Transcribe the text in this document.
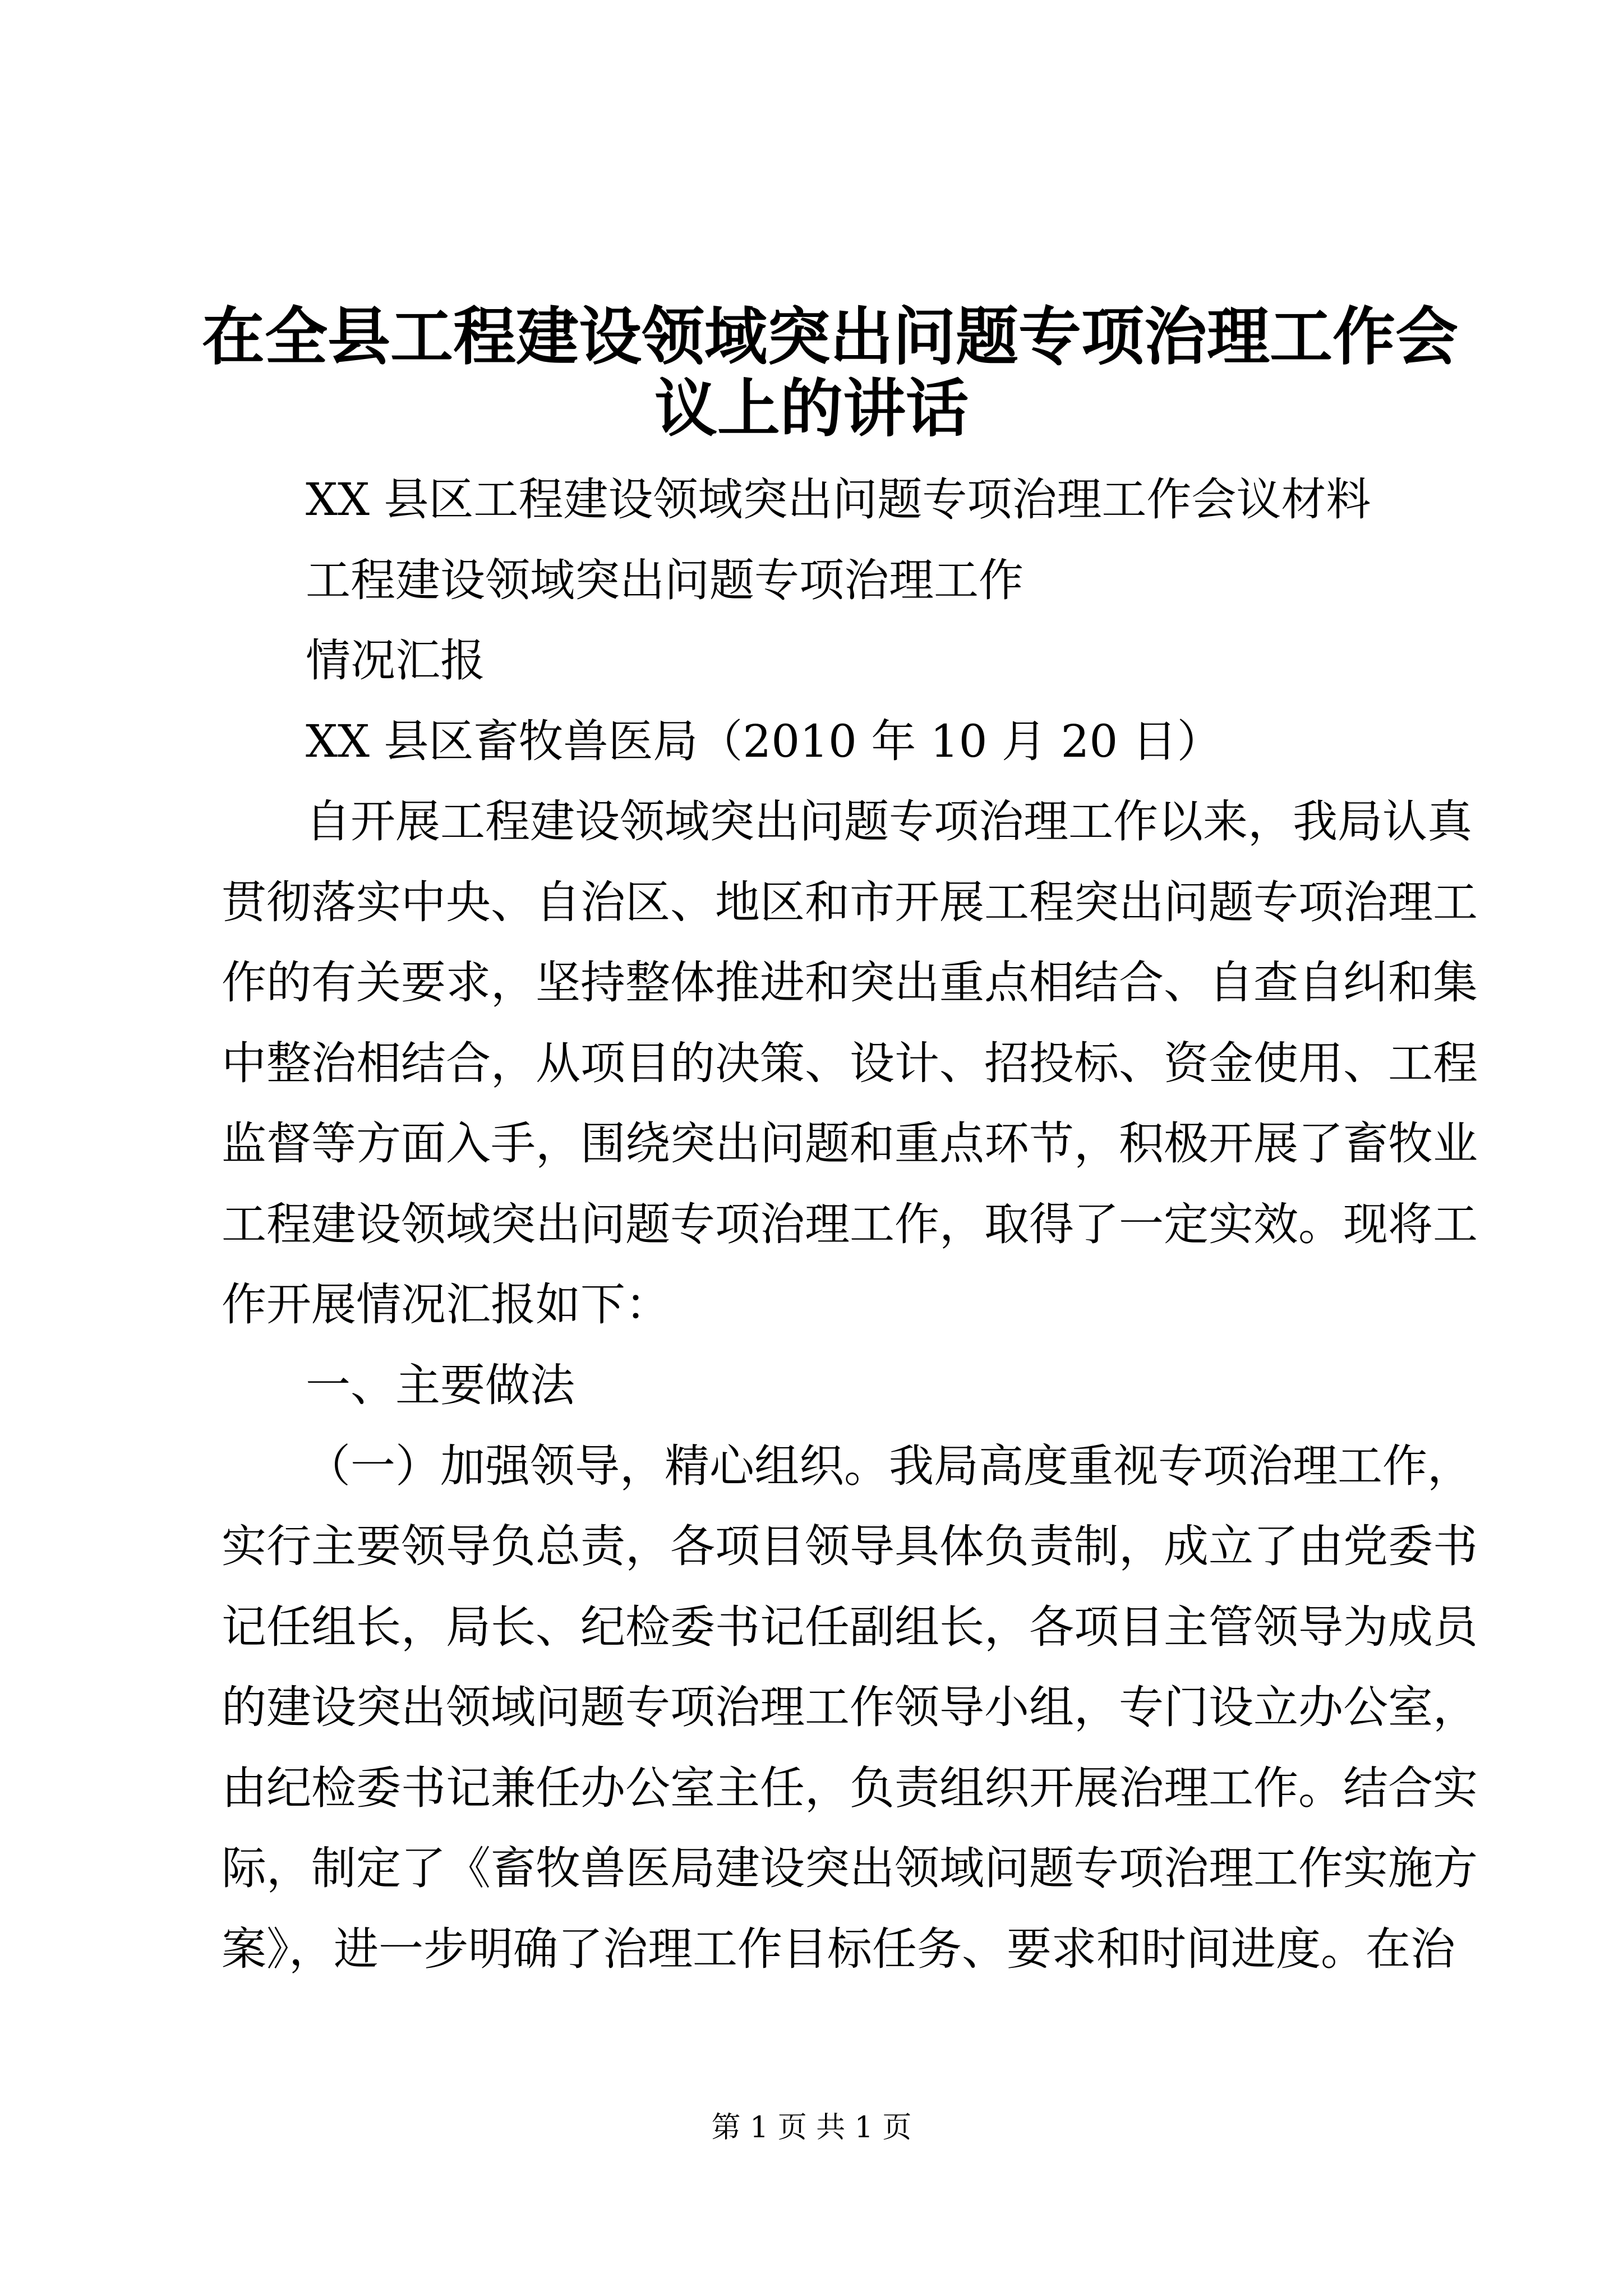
在全县工程建设领域突出问题专项治理工作会
议上的讲话
XX 县区工程建设领域突出问题专项治理工作会议材料
工程建设领域突出问题专项治理工作
情况汇报
XX 县区畜牧兽医局（2010 年 10 月 20 日）
自开展工程建设领域突出问题专项治理工作以来，我局认真
贯彻落实中央、自治区、地区和市开展工程突出问题专项治理工
作的有关要求，坚持整体推进和突出重点相结合、自查自纠和集
中整治相结合，从项目的决策、设计、招投标、资金使用、工程
监督等方面入手，围绕突出问题和重点环节，积极开展了畜牧业
工程建设领域突出问题专项治理工作，取得了一定实效。现将工
作开展情况汇报如下：
一、主要做法
（一）加强领导，精心组织。我局高度重视专项治理工作，
实行主要领导负总责，各项目领导具体负责制，成立了由党委书
记任组长，局长、纪检委书记任副组长，各项目主管领导为成员
的建设突出领域问题专项治理工作领导小组，专门设立办公室，
由纪检委书记兼任办公室主任，负责组织开展治理工作。结合实
际，制定了《畜牧兽医局建设突出领域问题专项治理工作实施方
案》，进一步明确了治理工作目标任务、要求和时间进度。在治
第 1 页 共 1 页
